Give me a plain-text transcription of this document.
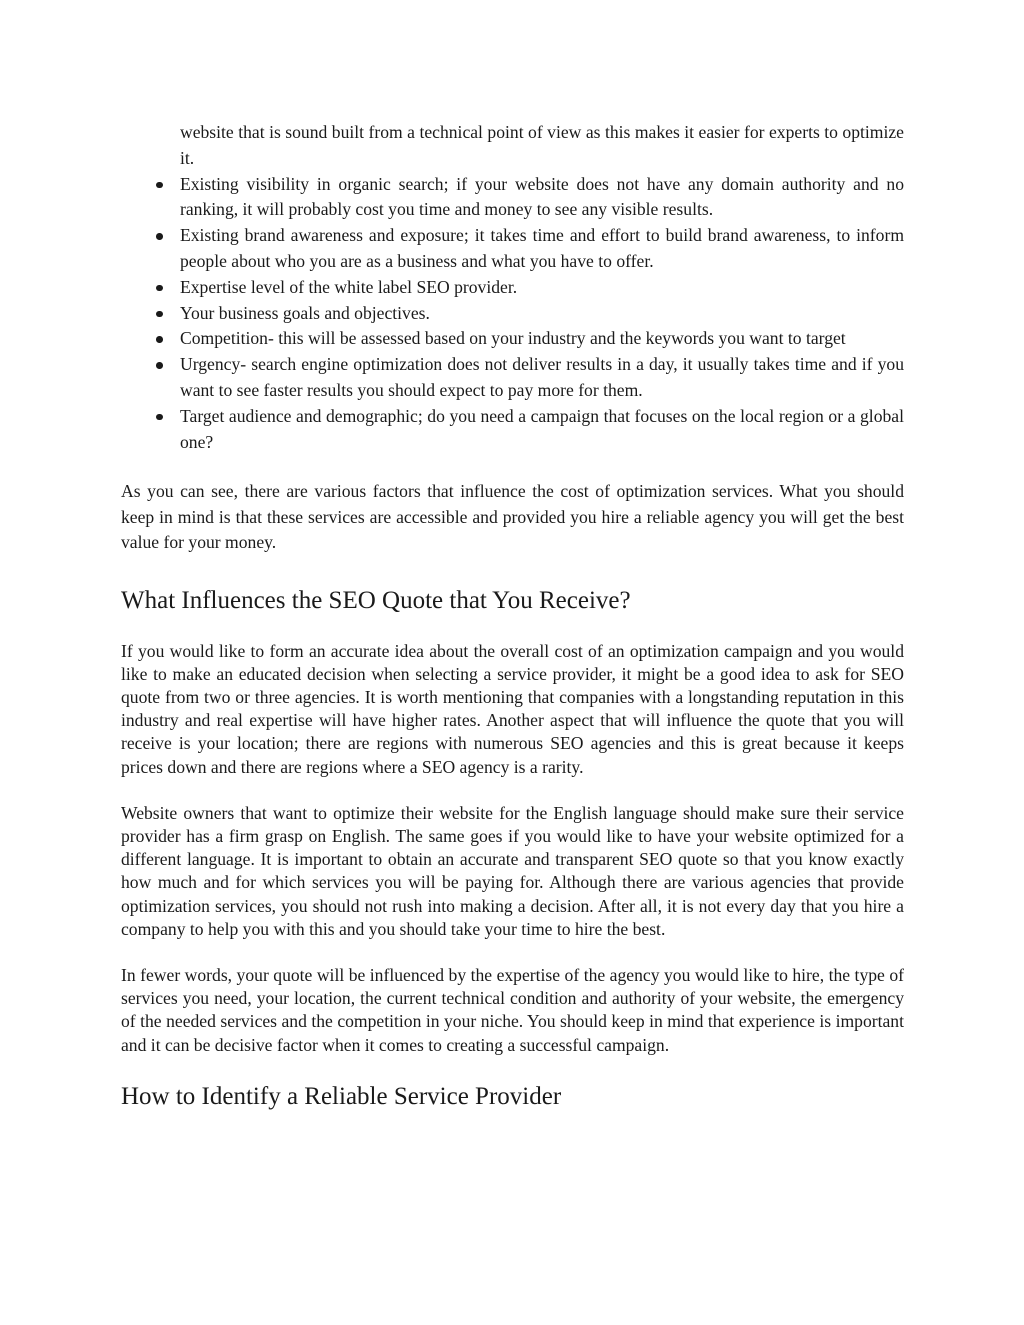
website that is sound built from a technical point of view as this makes it easier for experts to optimize it.
Existing visibility in organic search; if your website does not have any domain authority and no ranking, it will probably cost you time and money to see any visible results.
Existing brand awareness and exposure; it takes time and effort to build brand awareness, to inform people about who you are as a business and what you have to offer.
Expertise level of the white label SEO provider.
Your business goals and objectives.
Competition- this will be assessed based on your industry and the keywords you want to target
Urgency- search engine optimization does not deliver results in a day, it usually takes time and if you want to see faster results you should expect to pay more for them.
Target audience and demographic; do you need a campaign that focuses on the local region or a global one?

As you can see, there are various factors that influence the cost of optimization services. What you should keep in mind is that these services are accessible and provided you hire a reliable agency you will get the best value for your money.

What Influences the SEO Quote that You Receive?

If you would like to form an accurate idea about the overall cost of an optimization campaign and you would like to make an educated decision when selecting a service provider, it might be a good idea to ask for SEO quote from two or three agencies. It is worth mentioning that companies with a longstanding reputation in this industry and real expertise will have higher rates. Another aspect that will influence the quote that you will receive is your location; there are regions with numerous SEO agencies and this is great because it keeps prices down and there are regions where a SEO agency is a rarity.

Website owners that want to optimize their website for the English language should make sure their service provider has a firm grasp on English. The same goes if you would like to have your website optimized for a different language. It is important to obtain an accurate and transparent SEO quote so that you know exactly how much and for which services you will be paying for. Although there are various agencies that provide optimization services, you should not rush into making a decision. After all, it is not every day that you hire a company to help you with this and you should take your time to hire the best.

In fewer words, your quote will be influenced by the expertise of the agency you would like to hire, the type of services you need, your location, the current technical condition and authority of your website, the emergency of the needed services and the competition in your niche. You should keep in mind that experience is important and it can be decisive factor when it comes to creating a successful campaign.

How to Identify a Reliable Service Provider
